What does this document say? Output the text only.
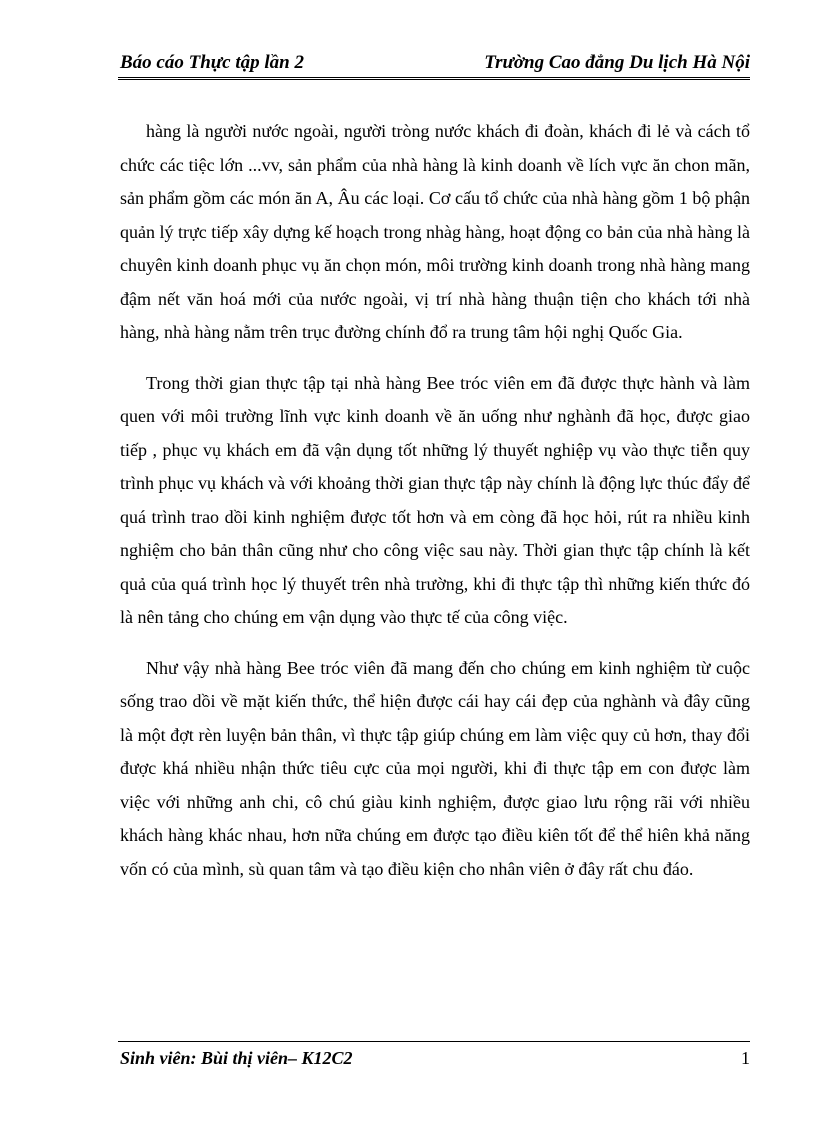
Báo cáo Thực tập lần 2	Trường Cao đẳng Du lịch Hà Nội

hàng là người nước ngoài, người tròng nước khách đi đoàn, khách đi lẻ và cách tổ chức các tiệc lớn ...vv, sản phẩm của nhà hàng là kinh doanh về lích vực ăn chon mãn, sản phẩm gồm các món ăn A, Âu các loại. Cơ cấu tổ chức của nhà hàng gồm 1 bộ phận quản lý trực tiếp xây dựng kế hoạch trong nhàg hàng, hoạt động co bản của nhà hàng là chuyên kinh doanh phục vụ ăn chọn món, môi trường kinh doanh trong nhà hàng mang đậm nết văn hoá mới của nước ngoài, vị trí nhà hàng thuận tiện cho khách tới nhà hàng, nhà hàng nằm trên trục đường chính đổ ra trung tâm hội nghị Quốc Gia.

Trong thời gian thực tập tại nhà hàng Bee tróc viên em đã được thực hành và làm quen với môi trường lĩnh vực kinh doanh về ăn uống như nghành đã học, được giao tiếp , phục vụ khách em đã vận dụng tốt những lý thuyết nghiệp vụ vào thực tiễn quy trình phục vụ khách và với khoảng thời gian thực tập này chính là động lực thúc đẩy để quá trình trao dồi kinh nghiệm được tốt hơn và em còng đã học hỏi, rút ra nhiều kinh nghiệm cho bản thân cũng như cho công việc sau này. Thời gian thực tập chính là kết quả của quá trình học lý thuyết trên nhà trường, khi đi thực tập thì những kiến thức đó là nên tảng cho chúng em vận dụng vào thực tế của công việc.

Như vậy nhà hàng Bee tróc viên đã mang đến cho chúng em kinh nghiệm từ cuộc sống trao dồi về mặt kiến thức, thể hiện được cái hay cái đẹp của nghành và đây cũng là một đợt rèn luyện bản thân, vì thực tập giúp chúng em làm việc quy củ hơn, thay đổi được khá nhiều nhận thức tiêu cực của mọi người, khi đi thực tập em con được làm việc với những anh chi, cô chú giàu kinh nghiệm, được giao lưu rộng rãi với nhiều khách hàng khác nhau, hơn nữa chúng em được tạo điều kiên tốt để thể hiên khả năng vốn có của mình, sù quan tâm và tạo điều kiện cho nhân viên ở đây rất chu đáo.

Sinh viên: Bùi thị viên– K12C2	1
